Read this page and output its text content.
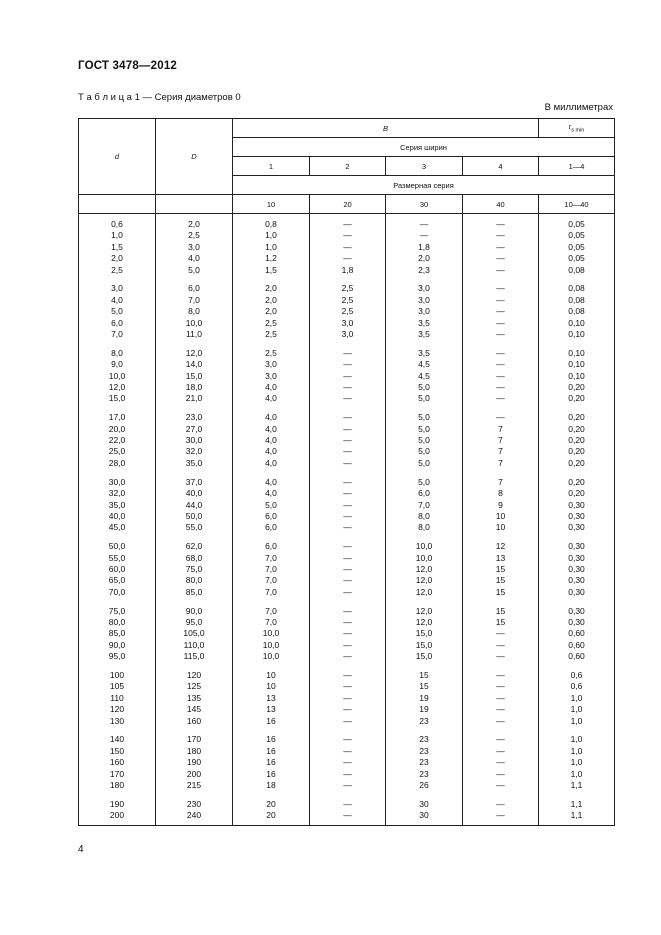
ГОСТ 3478—2012
Т а б л и ц а 1 — Серия диаметров 0
В миллиметрах
d	D	B				$r_{s min}$
		Серия ширин				
		1	2	3	4	1—4
		Размерная серия				
		10	20	30	40	10—40
0,6	2,0	0,8	—	—	—	0,05
1,0	2,5	1,0	—	—	—	0,05
1,5	3,0	1,0	—	1,8	—	0,05
2,0	4,0	1,2	—	2,0	—	0,05
2,5	5,0	1,5	1,8	2,3	—	0,08

3,0	6,0	2,0	2,5	3,0	—	0,08
4,0	7,0	2,0	2,5	3,0	—	0,08
5,0	8,0	2,0	2,5	3,0	—	0,08
6,0	10,0	2,5	3,0	3,5	—	0,10
7,0	11,0	2,5	3,0	3,5	—	0,10

8,0	12,0	2,5	—	3,5	—	0,10
9,0	14,0	3,0	—	4,5	—	0,10
10,0	15,0	3,0	—	4,5	—	0,10
12,0	18,0	4,0	—	5,0	—	0,20
15,0	21,0	4,0	—	5,0	—	0,20

17,0	23,0	4,0	—	5,0	—	0,20
20,0	27,0	4,0	—	5,0	7	0,20
22,0	30,0	4,0	—	5,0	7	0,20
25,0	32,0	4,0	—	5,0	7	0,20
28,0	35,0	4,0	—	5,0	7	0,20

30,0	37,0	4,0	—	5,0	7	0,20
32,0	40,0	4,0	—	6,0	8	0,20
35,0	44,0	5,0	—	7,0	9	0,30
40,0	50,0	6,0	—	8,0	10	0,30
45,0	55,0	6,0	—	8,0	10	0,30

50,0	62,0	6,0	—	10,0	12	0,30
55,0	68,0	7,0	—	10,0	13	0,30
60,0	75,0	7,0	—	12,0	15	0,30
65,0	80,0	7,0	—	12,0	15	0,30
70,0	85,0	7,0	—	12,0	15	0,30

75,0	90,0	7,0	—	12,0	15	0,30
80,0	95,0	7,0	—	12,0	15	0,30
85,0	105,0	10,0	—	15,0	—	0,60
90,0	110,0	10,0	—	15,0	—	0,60
95,0	115,0	10,0	—	15,0	—	0,60

100	120	10	—	15	—	0,6
105	125	10	—	15	—	0,6
110	135	13	—	19	—	1,0
120	145	13	—	19	—	1,0
130	160	16	—	23	—	1,0

140	170	16	—	23	—	1,0
150	180	16	—	23	—	1,0
160	190	16	—	23	—	1,0
170	200	16	—	23	—	1,0
180	215	18	—	26	—	1,1

190	230	20	—	30	—	1,1
200	240	20	—	30	—	1,1
4
